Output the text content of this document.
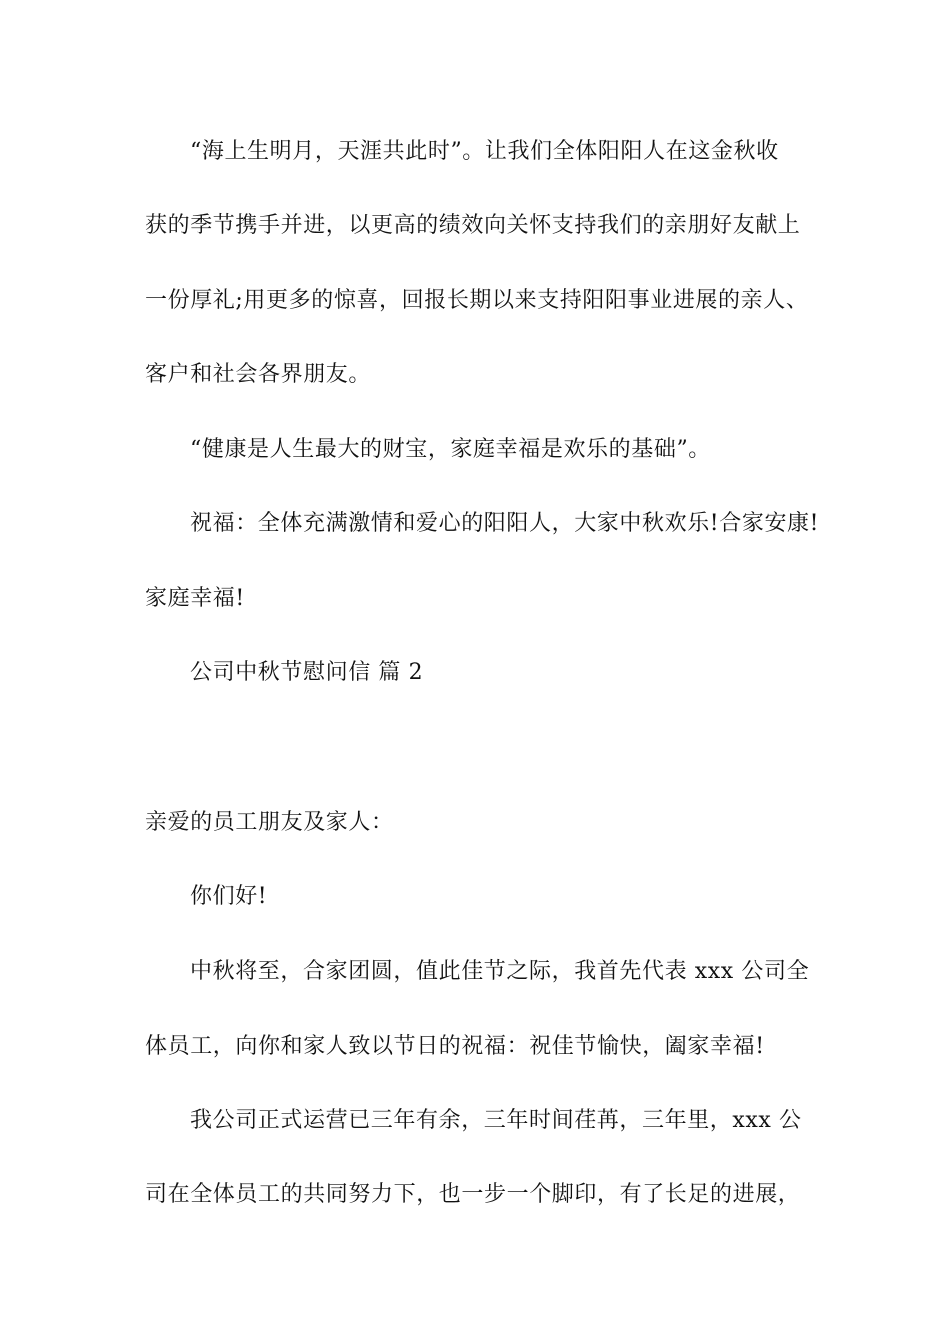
“海上生明月，天涯共此时”。让我们全体阳阳人在这金秋收
获的季节携手并进，以更高的绩效向关怀支持我们的亲朋好友献上
一份厚礼;用更多的惊喜，回报长期以来支持阳阳事业进展的亲人、
客户和社会各界朋友。
“健康是人生最大的财宝，家庭幸福是欢乐的基础”。
祝福：全体充满激情和爱心的阳阳人，大家中秋欢乐!合家安康!
家庭幸福!
公司中秋节慰问信 篇 2
亲爱的员工朋友及家人：
你们好!
中秋将至，合家团圆，值此佳节之际，我首先代表 xxx 公司全
体员工，向你和家人致以节日的祝福：祝佳节愉快，阖家幸福!
我公司正式运营已三年有余，三年时间荏苒，三年里，xxx 公
司在全体员工的共同努力下，也一步一个脚印，有了长足的进展，
